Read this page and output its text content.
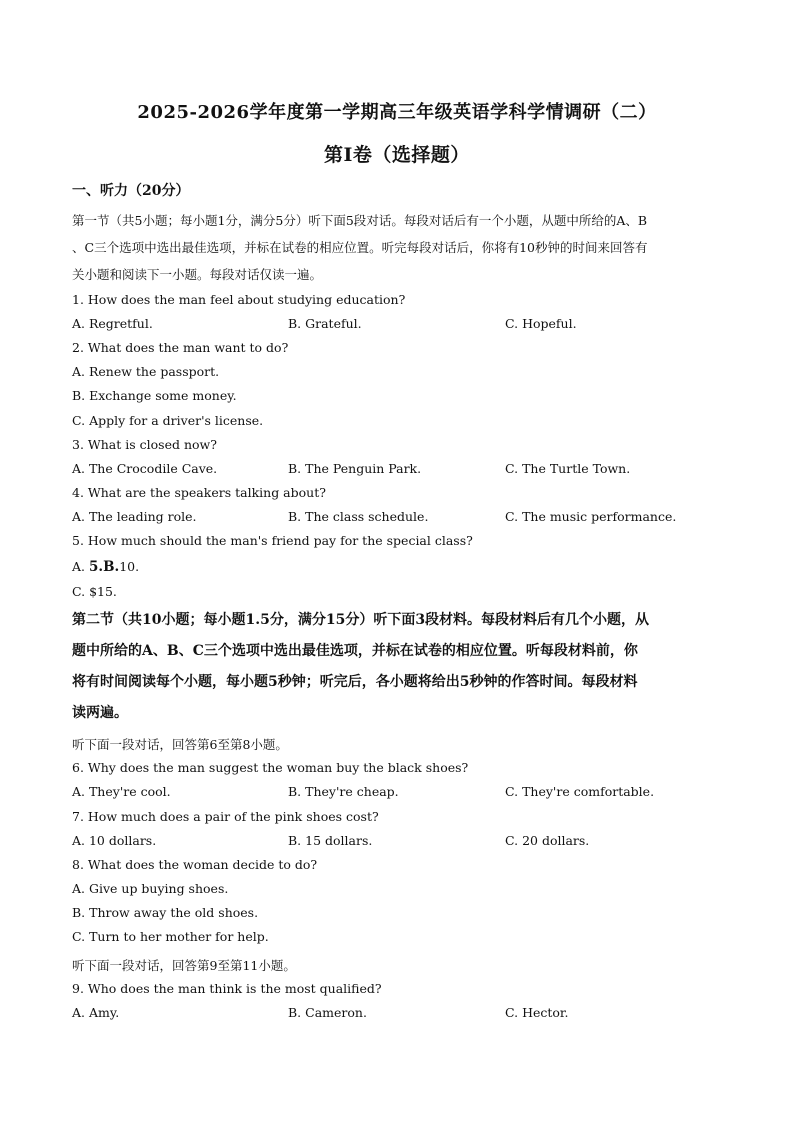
2025-2026学年度第一学期高三年级英语学科学情调研（二）
第Ⅰ卷（选择题）
一、听力（20分）
第一节（共5小题；每小题1分，满分5分）听下面5段对话。每段对话后有一个小题，从题中所给的A、B
、C三个选项中选出最佳选项，并标在试卷的相应位置。听完每段对话后，你将有10秒钟的时间来回答有
关小题和阅读下一小题。每段对话仅读一遍。
1. How does the man feel about studying education?
A. Regretful.	B. Grateful.	C. Hopeful.
2. What does the man want to do?
A. Renew the passport.
B. Exchange some money.
C. Apply for a driver's license.
3. What is closed now?
A. The Crocodile Cave.	B. The Penguin Park.	C. The Turtle Town.
4. What are the speakers talking about?
A. The leading role.	B. The class schedule.	C. The music performance.
5. How much should the man's friend pay for the special class?
A. 5.B.10.
C. $15.
第二节（共10小题；每小题1.5分，满分15分）听下面3段材料。每段材料后有几个小题，从
题中所给的A、B、C三个选项中选出最佳选项，并标在试卷的相应位置。听每段材料前，你
将有时间阅读每个小题，每小题5秒钟；听完后，各小题将给出5秒钟的作答时间。每段材料
读两遍。
听下面一段对话，回答第6至第8小题。
6. Why does the man suggest the woman buy the black shoes?
A. They're cool.	B. They're cheap.	C. They're comfortable.
7. How much does a pair of the pink shoes cost?
A. 10 dollars.	B. 15 dollars.	C. 20 dollars.
8. What does the woman decide to do?
A. Give up buying shoes.
B. Throw away the old shoes.
C. Turn to her mother for help.
听下面一段对话，回答第9至第11小题。
9. Who does the man think is the most qualified?
A. Amy.	B. Cameron.	C. Hector.
